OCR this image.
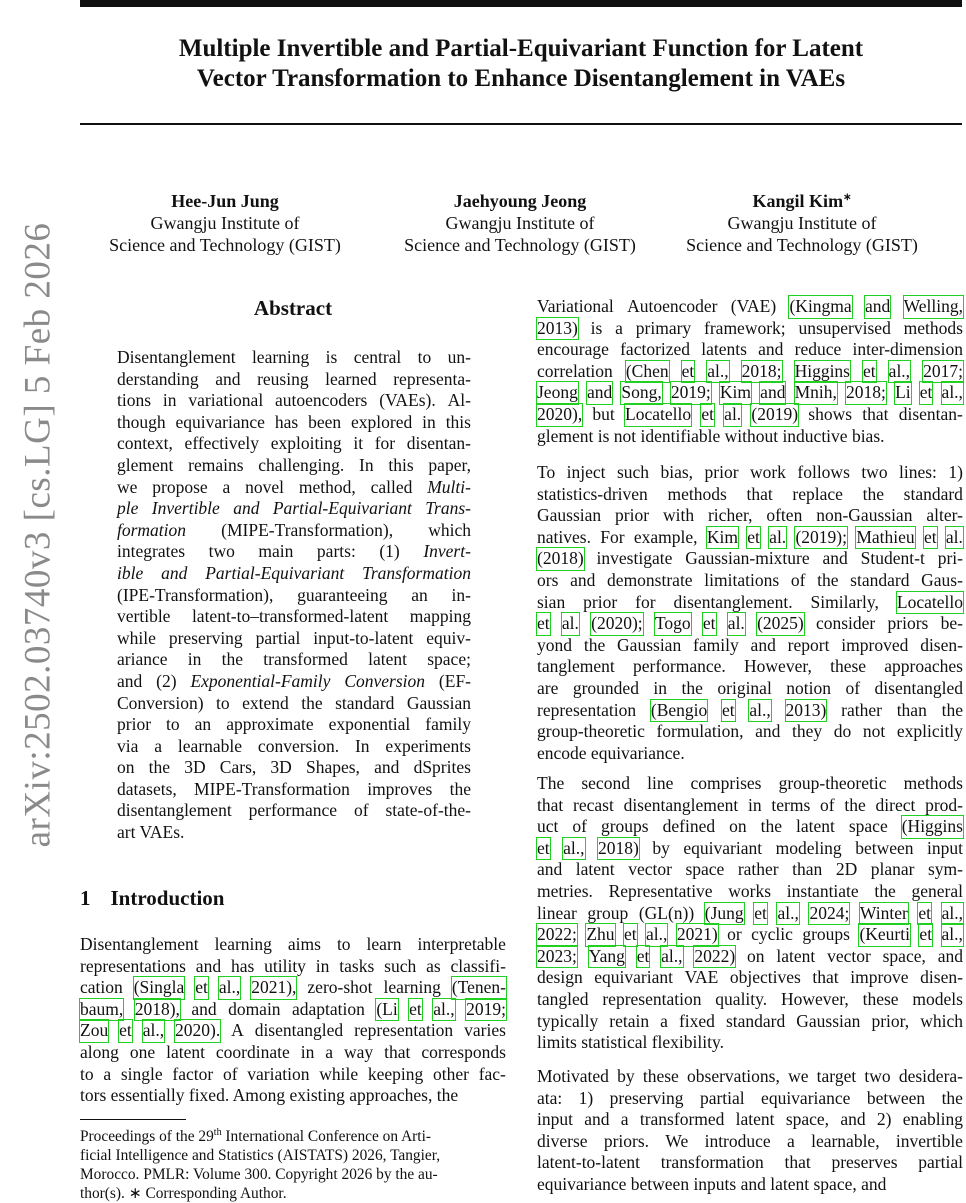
Multiple Invertible and Partial-Equivariant Function for Latent
Vector Transformation to Enhance Disentanglement in VAEs
Hee-Jun Jung
Gwangju Institute of
Science and Technology (GIST)
Jaehyoung Jeong
Gwangju Institute of
Science and Technology (GIST)
Kangil Kim∗
Gwangju Institute of
Science and Technology (GIST)
arXiv:2502.03740v3 [cs.LG] 5 Feb 2026	Abstract
Disentanglement learning is central to un-
derstanding and reusing learned representa-
tions in variational autoencoders (VAEs). Al-
though equivariance has been explored in this
context, effectively exploiting it for disentan-
glement remains challenging. In this paper,
we propose a novel method, called Multi-
ple Invertible and Partial-Equivariant Trans-
formation (MIPE-Transformation), which
integrates two main parts: (1) Invert-
ible and Partial-Equivariant Transformation
(IPE-Transformation), guaranteeing an in-
vertible latent-to–transformed-latent mapping
while preserving partial input-to-latent equiv-
ariance in the transformed latent space;
and (2) Exponential-Family Conversion (EF-
Conversion) to extend the standard Gaussian
prior to an approximate exponential family
via a learnable conversion. In experiments
on the 3D Cars, 3D Shapes, and dSprites
datasets, MIPE-Transformation improves the
disentanglement performance of state-of-the-
art VAEs.
1 Introduction
Disentanglement learning aims to learn interpretable
representations and has utility in tasks such as classifi-
cation (Singla et al., 2021), zero-shot learning (Tenen-
baum, 2018), and domain adaptation (Li et al., 2019;
Zou et al., 2020). A disentangled representation varies
along one latent coordinate in a way that corresponds
to a single factor of variation while keeping other fac-
tors essentially fixed. Among existing approaches, the
Proceedings of the 29th International Conference on Arti-
ficial Intelligence and Statistics (AISTATS) 2026, Tangier,
Morocco. PMLR: Volume 300. Copyright 2026 by the au-
thor(s). ∗ Corresponding Author.
Variational Autoencoder (VAE) (Kingma and Welling,
2013) is a primary framework; unsupervised methods
encourage factorized latents and reduce inter-dimension
correlation (Chen et al., 2018; Higgins et al., 2017;
Jeong and Song, 2019; Kim and Mnih, 2018; Li et al.,
2020), but Locatello et al. (2019) shows that disentan-
glement is not identifiable without inductive bias.
To inject such bias, prior work follows two lines: 1)
statistics-driven methods that replace the standard
Gaussian prior with richer, often non-Gaussian alter-
natives. For example, Kim et al. (2019); Mathieu et al.
(2018) investigate Gaussian-mixture and Student-t pri-
ors and demonstrate limitations of the standard Gaus-
sian prior for disentanglement. Similarly, Locatello
et al. (2020); Togo et al. (2025) consider priors be-
yond the Gaussian family and report improved disen-
tanglement performance. However, these approaches
are grounded in the original notion of disentangled
representation (Bengio et al., 2013) rather than the
group-theoretic formulation, and they do not explicitly
encode equivariance.
The second line comprises group-theoretic methods
that recast disentanglement in terms of the direct prod-
uct of groups defined on the latent space (Higgins
et al., 2018) by equivariant modeling between input
and latent vector space rather than 2D planar sym-
metries. Representative works instantiate the general
linear group (GL(n)) (Jung et al., 2024; Winter et al.,
2022; Zhu et al., 2021) or cyclic groups (Keurti et al.,
2023; Yang et al., 2022) on latent vector space, and
design equivariant VAE objectives that improve disen-
tangled representation quality. However, these models
typically retain a fixed standard Gaussian prior, which
limits statistical flexibility.
Motivated by these observations, we target two desidera-
ata: 1) preserving partial equivariance between the
input and a transformed latent space, and 2) enabling
diverse priors. We introduce a learnable, invertible
latent-to-latent transformation that preserves partial
equivariance between inputs and latent space, and
